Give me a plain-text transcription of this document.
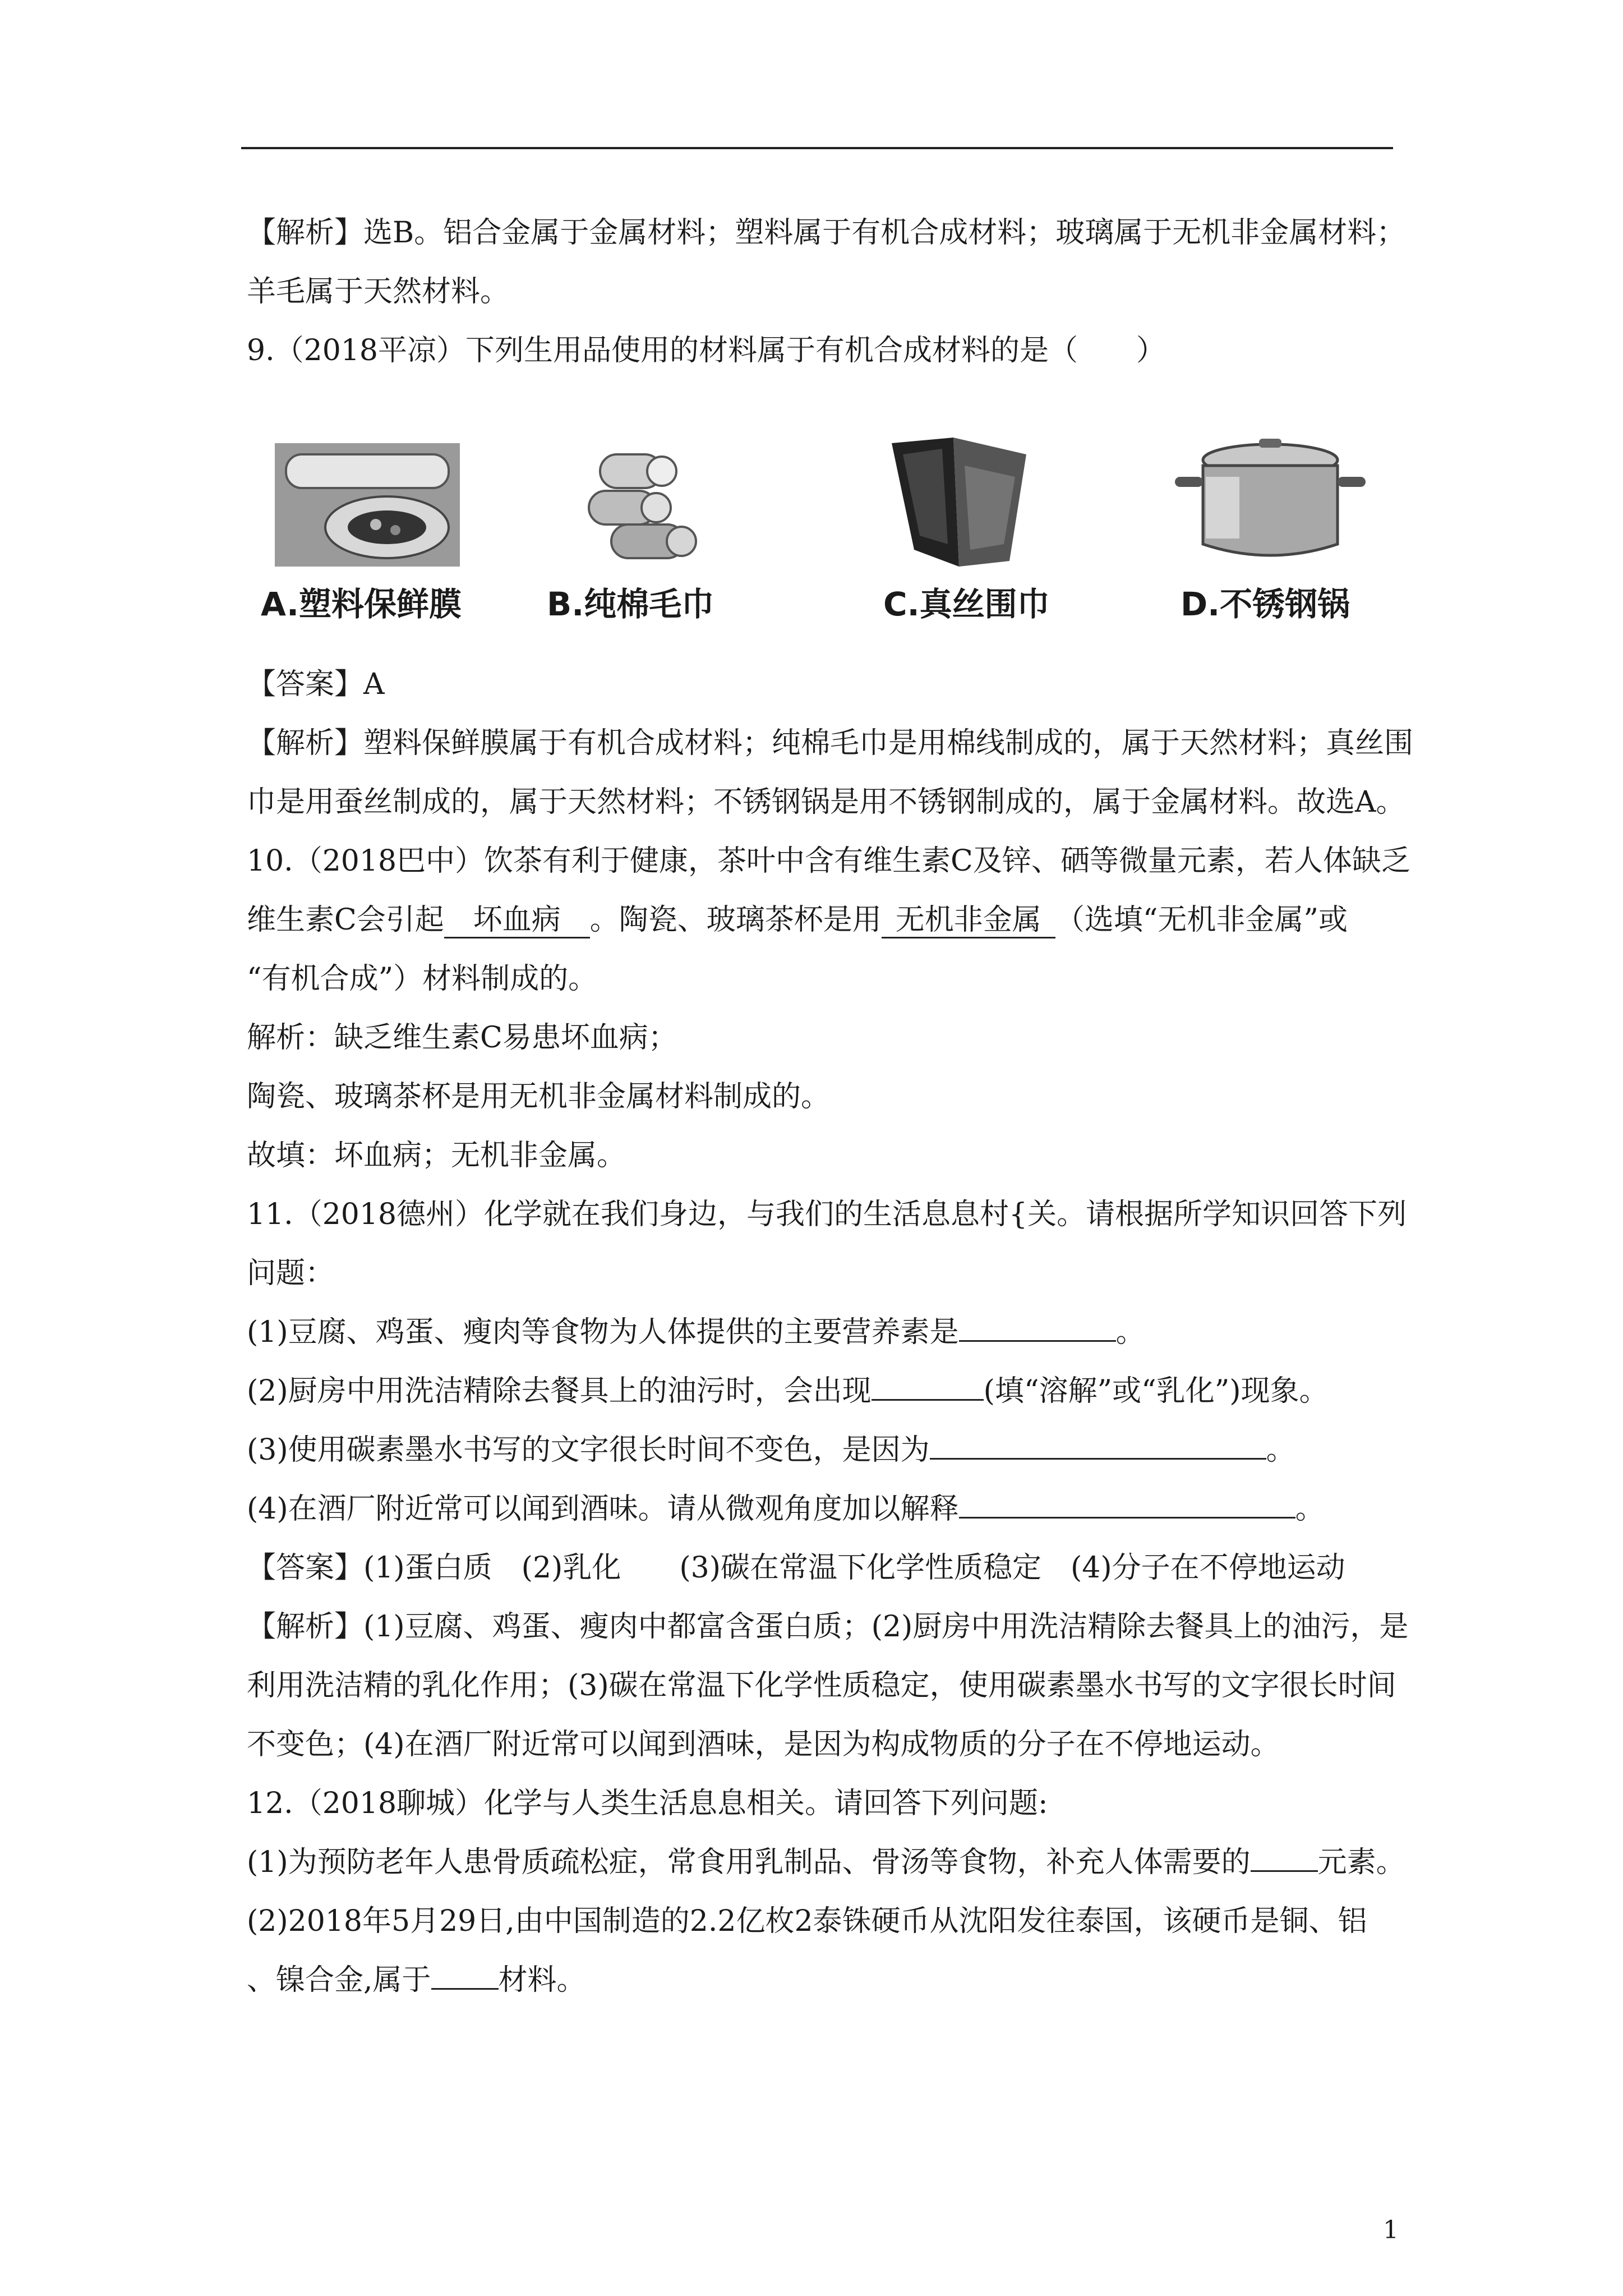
【解析】选B。铝合金属于金属材料；塑料属于有机合成材料；玻璃属于无机非金属材料；
羊毛属于天然材料。
9.（2018平凉）下列生用品使用的材料属于有机合成材料的是（　　）
A.塑料保鲜膜	B.纯棉毛巾	C.真丝围巾	D.不锈钢锅
【答案】A
【解析】塑料保鲜膜属于有机合成材料；纯棉毛巾是用棉线制成的，属于天然材料；真丝围
巾是用蚕丝制成的，属于天然材料；不锈钢锅是用不锈钢制成的，属于金属材料。故选A。
10.（2018巴中）饮茶有利于健康，茶叶中含有维生素C及锌、硒等微量元素，若人体缺乏
维生素C会引起 坏血病 。陶瓷、玻璃茶杯是用 无机非金属 （选填“无机非金属”或
“有机合成”）材料制成的。
解析：缺乏维生素C易患坏血病；
陶瓷、玻璃茶杯是用无机非金属材料制成的。
故填：坏血病；无机非金属。
11.（2018德州）化学就在我们身边，与我们的生活息息村{关。请根据所学知识回答下列
问题：
(1)豆腐、鸡蛋、瘦肉等食物为人体提供的主要营养素是	。
(2)厨房中用洗洁精除去餐具上的油污时，会出现	(填“溶解”或“乳化”)现象。
(3)使用碳素墨水书写的文字很长时间不变色，是因为	。
(4)在酒厂附近常可以闻到酒味。请从微观角度加以解释	。
【答案】(1)蛋白质　(2)乳化　　(3)碳在常温下化学性质稳定　(4)分子在不停地运动
【解析】(1)豆腐、鸡蛋、瘦肉中都富含蛋白质；(2)厨房中用洗洁精除去餐具上的油污，是
利用洗洁精的乳化作用；(3)碳在常温下化学性质稳定，使用碳素墨水书写的文字很长时间
不变色；(4)在酒厂附近常可以闻到酒味，是因为构成物质的分子在不停地运动。
12.（2018聊城）化学与人类生活息息相关。请回答下列问题:
(1)为预防老年人患骨质疏松症，常食用乳制品、骨汤等食物，补充人体需要的 元素。
(2)2018年5月29日,由中国制造的2.2亿枚2泰铢硬币从沈阳发往泰国，该硬币是铜、铝
、镍合金,属于 材料。
1
